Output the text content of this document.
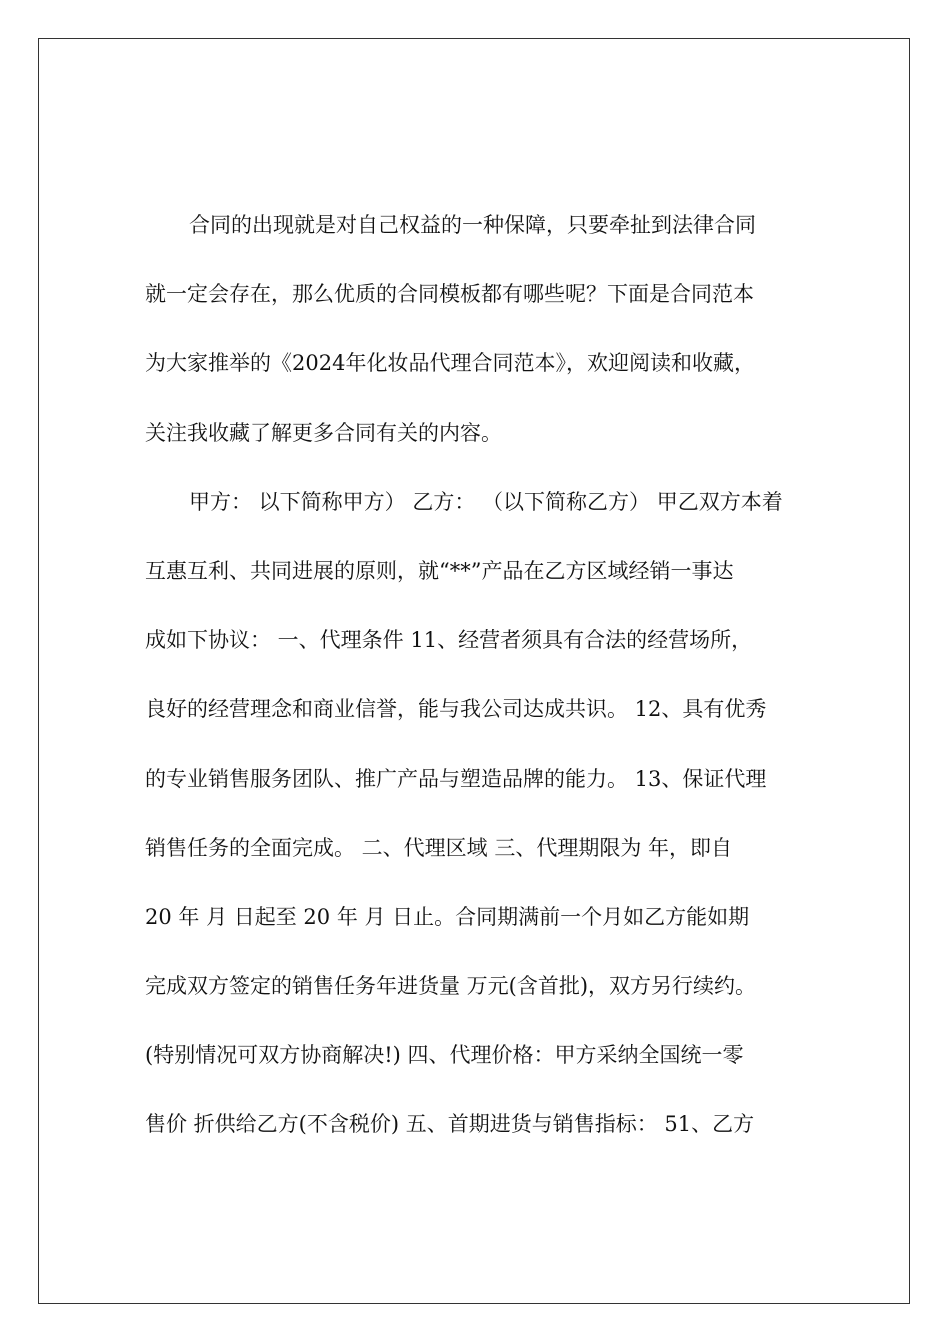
合同的出现就是对自己权益的一种保障，只要牵扯到法律合同
就一定会存在，那么优质的合同模板都有哪些呢？下面是合同范本
为大家推举的《2024年化妆品代理合同范本》，欢迎阅读和收藏，
关注我收藏了解更多合同有关的内容。
甲方： 以下简称甲方） 乙方： （以下简称乙方） 甲乙双方本着
互惠互利、共同进展的原则，就“**”产品在乙方区域经销一事达
成如下协议： 一、代理条件 11、经营者须具有合法的经营场所，
良好的经营理念和商业信誉，能与我公司达成共识。 12、具有优秀
的专业销售服务团队、推广产品与塑造品牌的能力。 13、保证代理
销售任务的全面完成。 二、代理区域 三、代理期限为 年，即自
20 年 月 日起至 20 年 月 日止。合同期满前一个月如乙方能如期
完成双方签定的销售任务年进货量 万元(含首批)，双方另行续约。
(特别情况可双方协商解决!) 四、代理价格：甲方采纳全国统一零
售价 折供给乙方(不含税价) 五、首期进货与销售指标： 51、乙方
